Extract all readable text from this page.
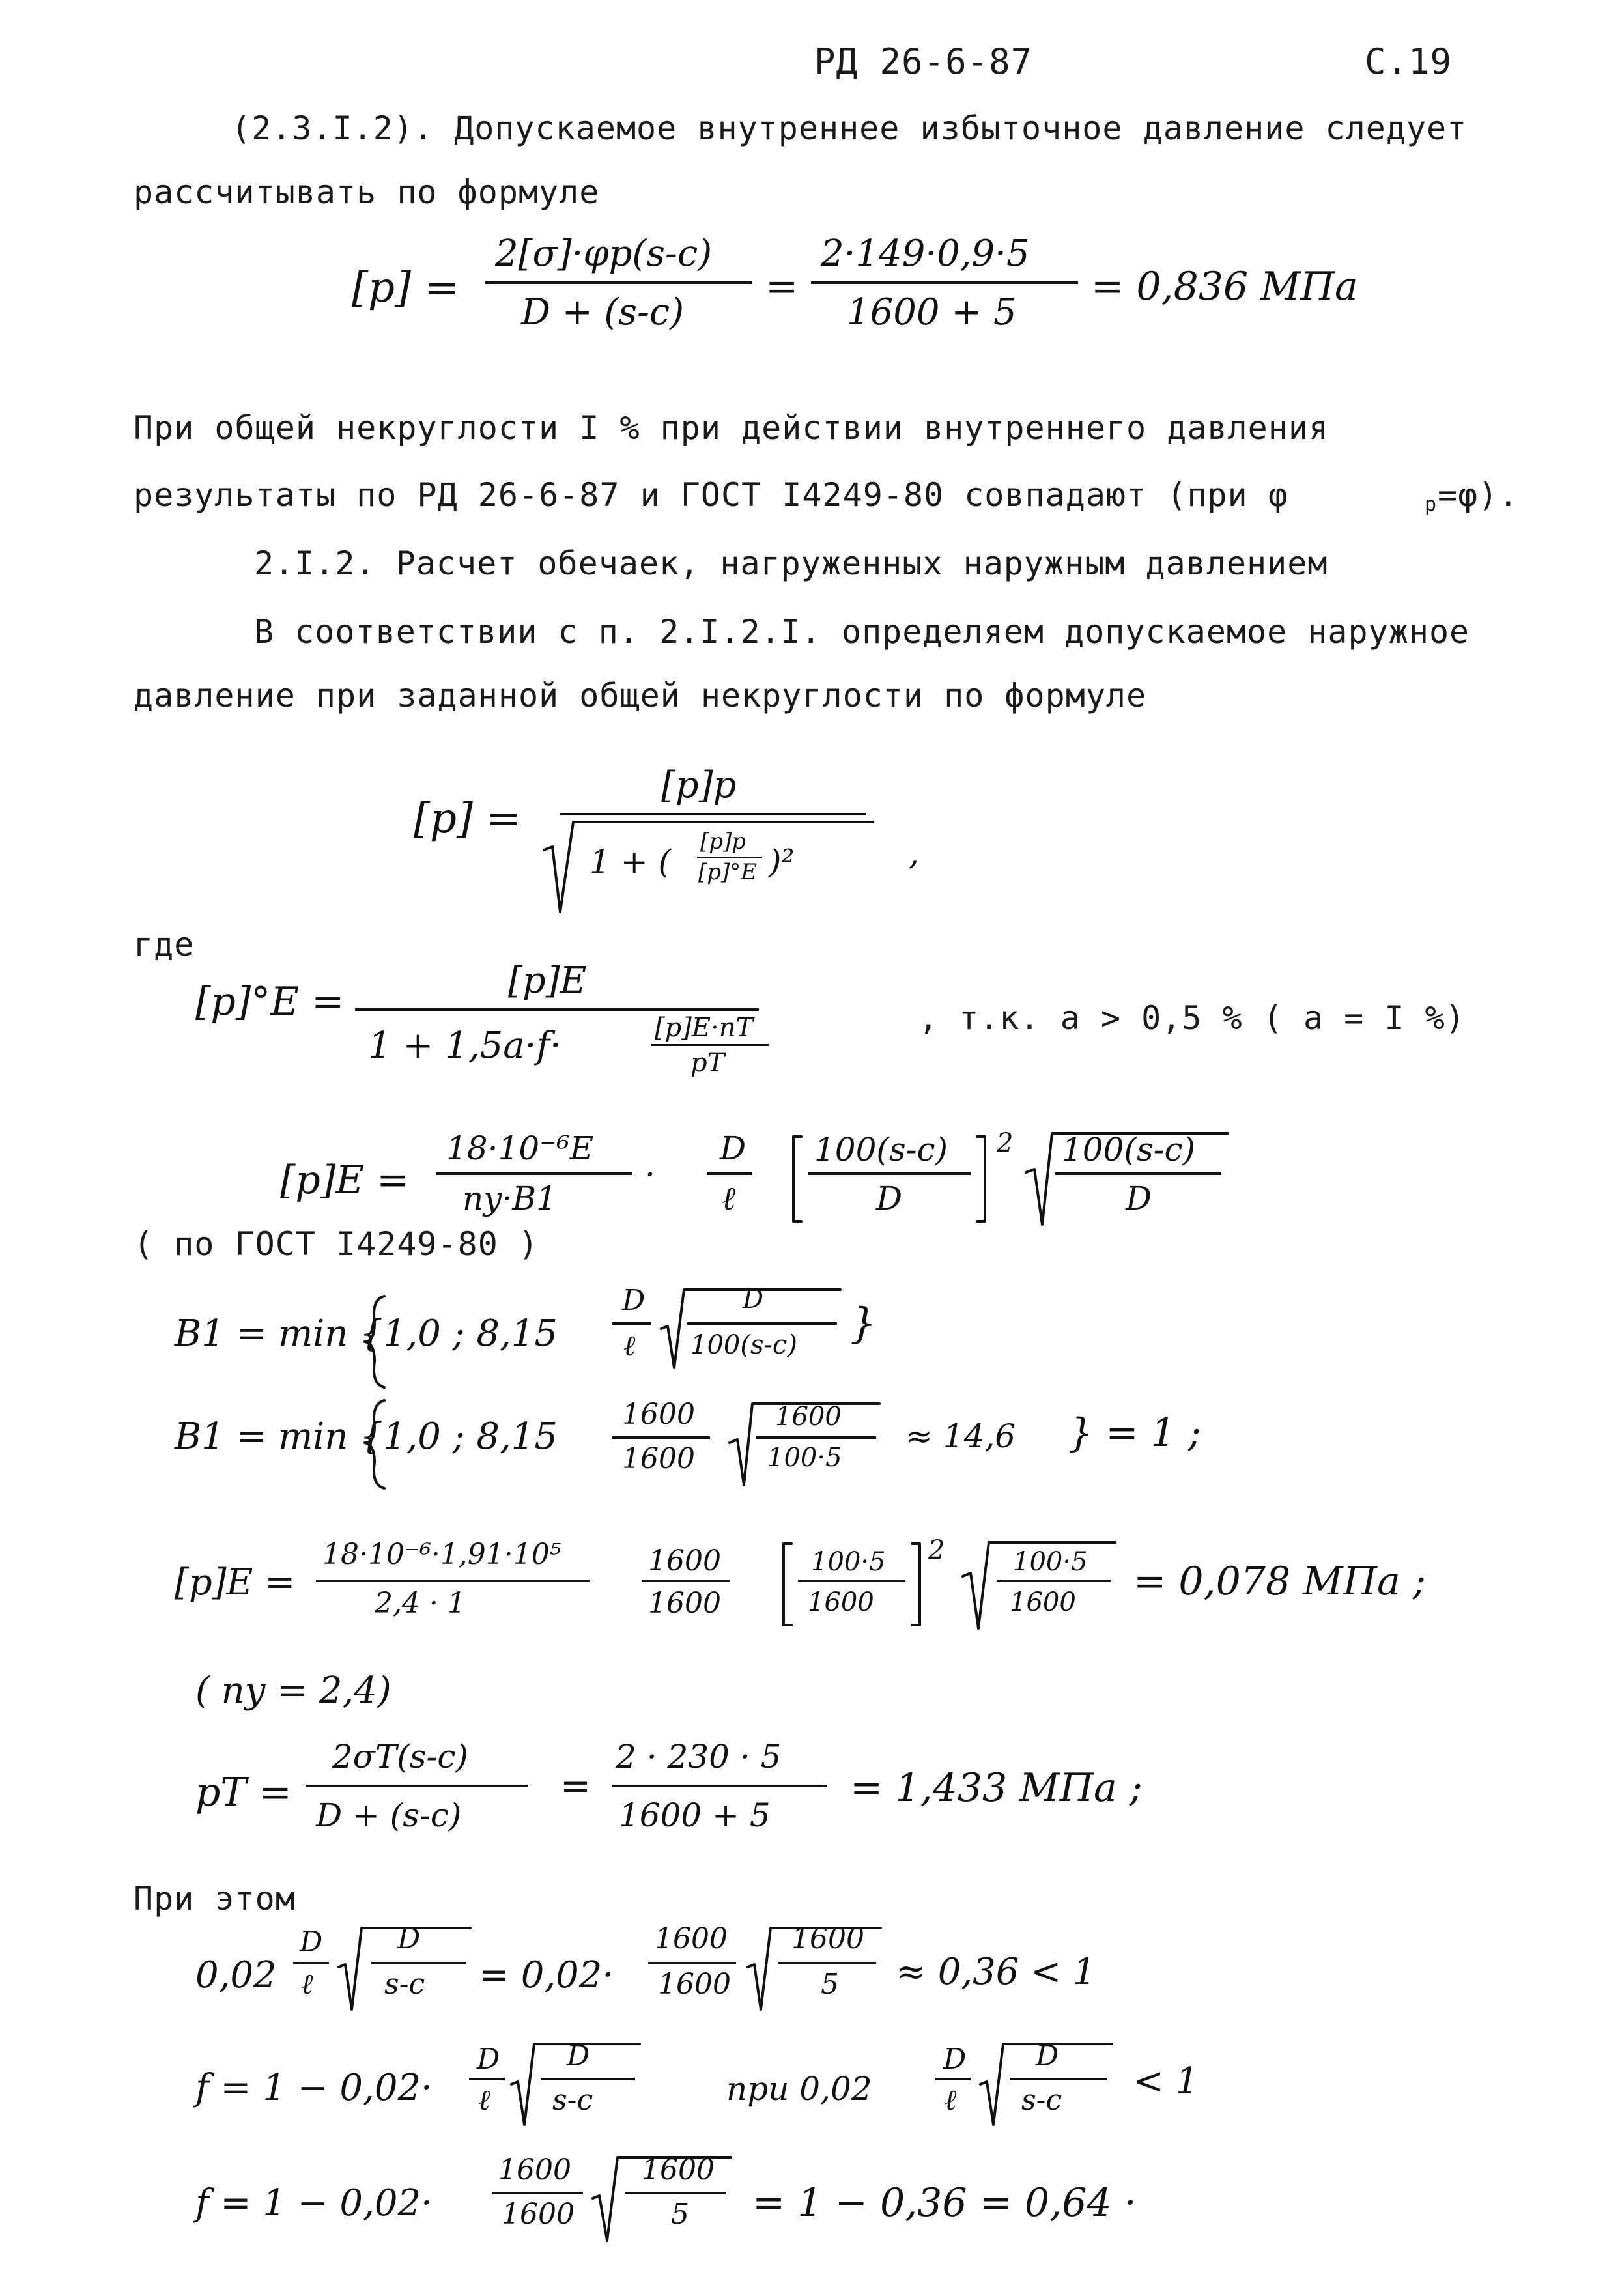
РД 26-6-87	С.19
(2.3.I.2). Допускаемое внутреннее избыточное давление следует
рассчитывать по формуле
[p] =
2[σ]·φp(s-c)
D + (s-c)
=
2·149·0,9·5
1600 + 5
= 0,836 МПа
При общей некруглости I % при действии внутреннего давления
результаты по РД 26-6-87 и ГОСТ I4249-80 совпадают (при φ	р =φ).
2.I.2. Расчет обечаек, нагруженных наружным давлением
В соответствии с п. 2.I.2.I. определяем допускаемое наружное
давление при заданной общей некруглости по формуле
[p] =
[p]p
1 + (
[p]p
[p]°E )²	,
где
[p]°E =	[p]E
1 + 1,5a·f·	[p]E·nT
pT
, т.к. a > 0,5 % ( a = I %)
[p]E =
18·10⁻⁶E
ny·B1
·
D
ℓ
100(s-c)
D
2 100(s-c)
D
( по ГОСТ I4249-80 )
B1 = min {1,0 ; 8,15
D
ℓ
D
100(s-c) }
B1 = min {1,0 ; 8,15
1600
1600
1600
100·5
≈ 14,6 } = 1 ;
[p]E =
18·10⁻⁶·1,91·10⁵
2,4 · 1
1600
1600
100·5
1600
2	100·5
1600 = 0,078 МПа ;
( ny = 2,4)
pT =
2σT(s-c)
D + (s-c)
=
2 · 230 · 5
1600 + 5
= 1,433 МПа ;
При этом
0,02
D
ℓ
D
s-c = 0,02·
1600
1600
1600
5 ≈ 0,36 < 1
f = 1 − 0,02·
D
ℓ
D
s-c	при 0,02
D
ℓ
D
s-c < 1
f = 1 − 0,02·
1600
1600
1600
5 = 1 − 0,36 = 0,64 ·
